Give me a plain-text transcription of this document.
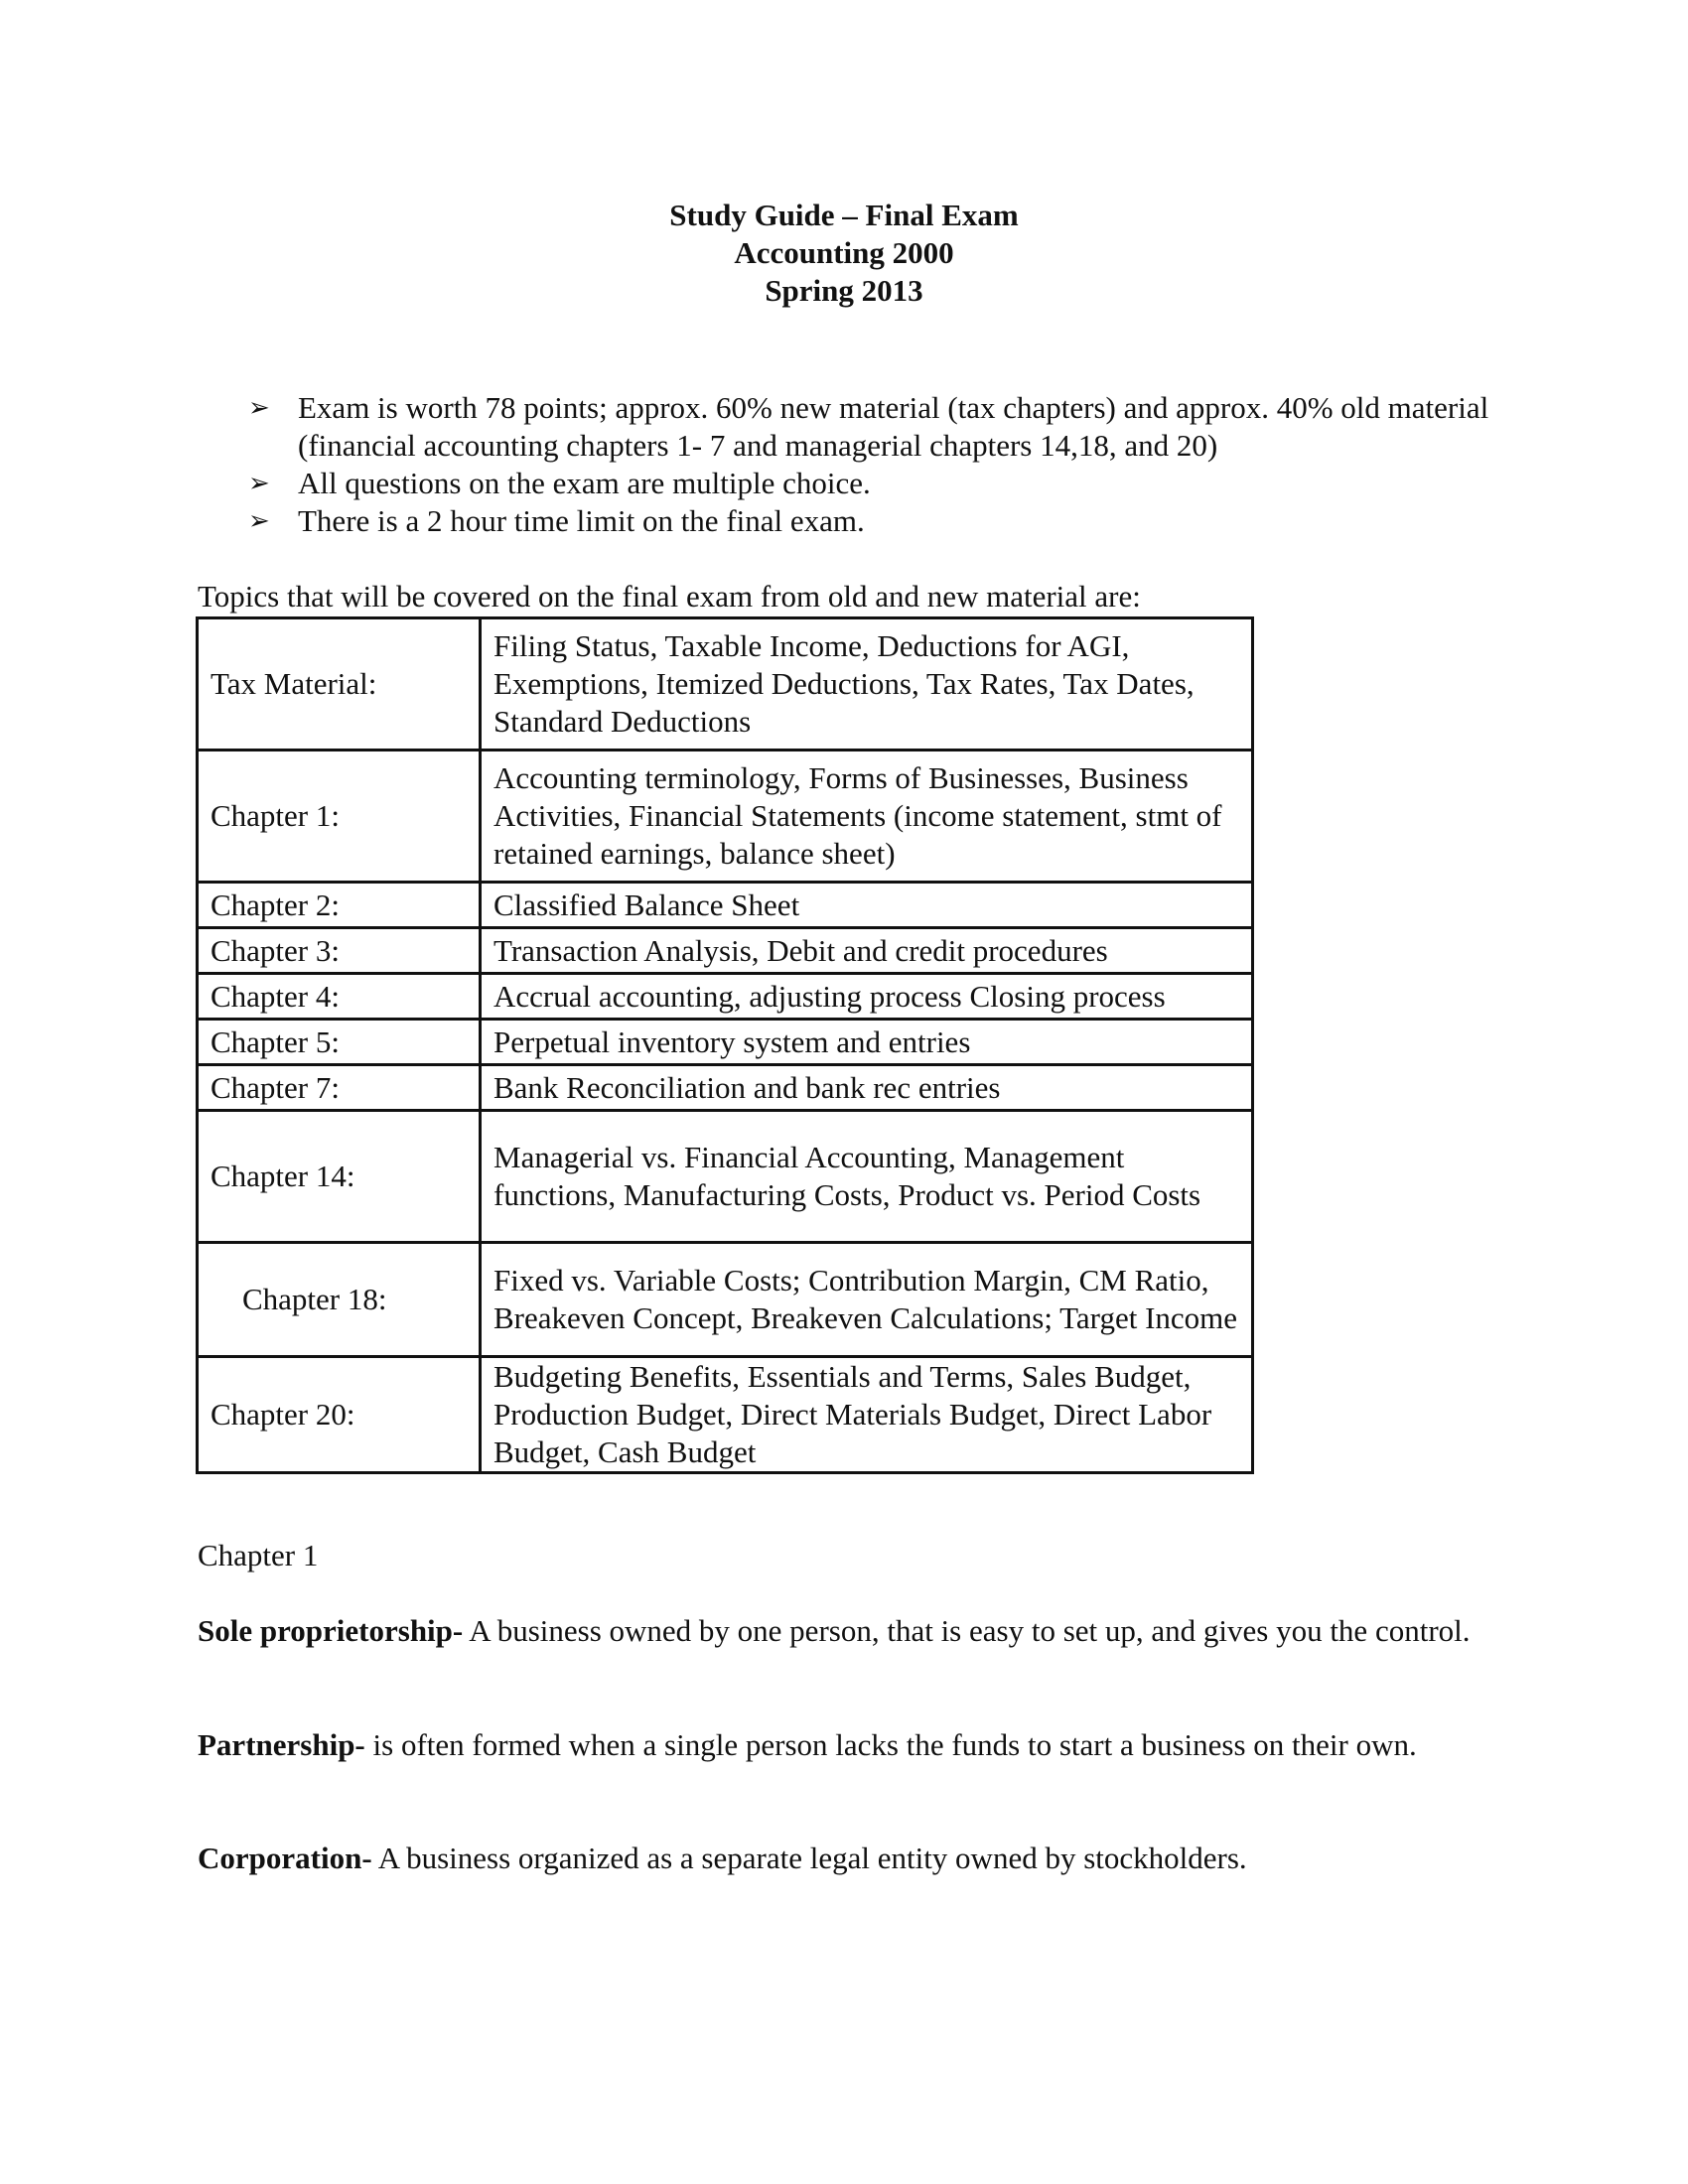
Study Guide – Final Exam
Accounting 2000
Spring 2013
➢ Exam is worth 78 points; approx. 60% new material (tax chapters) and approx. 40% old material (financial accounting chapters 1- 7 and managerial chapters 14,18, and 20)
➢ All questions on the exam are multiple choice.
➢ There is a 2 hour time limit on the final exam.
Topics that will be covered on the final exam from old and new material are:
Tax Material:	Filing Status, Taxable Income, Deductions for AGI, Exemptions, Itemized Deductions, Tax Rates, Tax Dates, Standard Deductions
Chapter 1:	Accounting terminology, Forms of Businesses, Business Activities, Financial Statements (income statement, stmt of retained earnings, balance sheet)
Chapter 2:	Classified Balance Sheet
Chapter 3:	Transaction Analysis, Debit and credit procedures
Chapter 4:	Accrual accounting, adjusting process Closing process
Chapter 5:	Perpetual inventory system and entries
Chapter 7:	Bank Reconciliation and bank rec entries
Chapter 14:	Managerial vs. Financial Accounting, Management functions, Manufacturing Costs, Product vs. Period Costs
Chapter 18:	Fixed vs. Variable Costs; Contribution Margin, CM Ratio, Breakeven Concept, Breakeven Calculations; Target Income
Chapter 20:	Budgeting Benefits, Essentials and Terms, Sales Budget, Production Budget, Direct Materials Budget, Direct Labor Budget, Cash Budget
Chapter 1

Sole proprietorship- A business owned by one person, that is easy to set up, and gives you the control.

Partnership- is often formed when a single person lacks the funds to start a business on their own.

Corporation- A business organized as a separate legal entity owned by stockholders.
